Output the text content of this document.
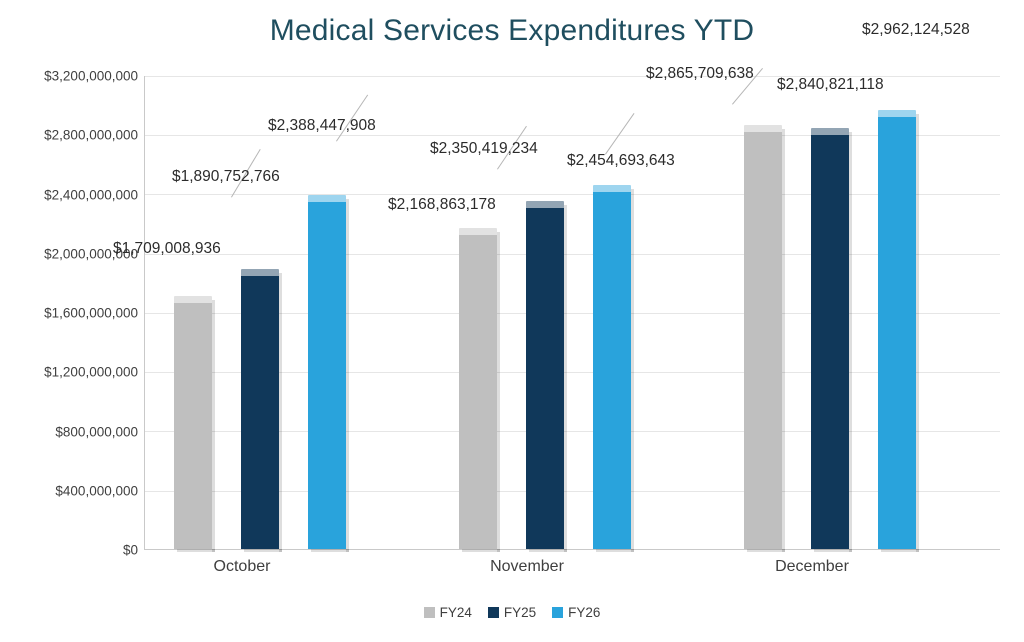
Medical Services Expenditures YTD
$3,200,000,000
$2,800,000,000
$2,400,000,000
$2,000,000,000
$1,600,000,000
$1,200,000,000
$800,000,000
$400,000,000
$0
$1,709,008,936
$1,890,752,766
$2,388,447,908
$2,168,863,178
$2,350,419,234
$2,454,693,643
$2,865,709,638
$2,840,821,118
$2,962,124,528
October	November	December
FY24 FY25 FY26
